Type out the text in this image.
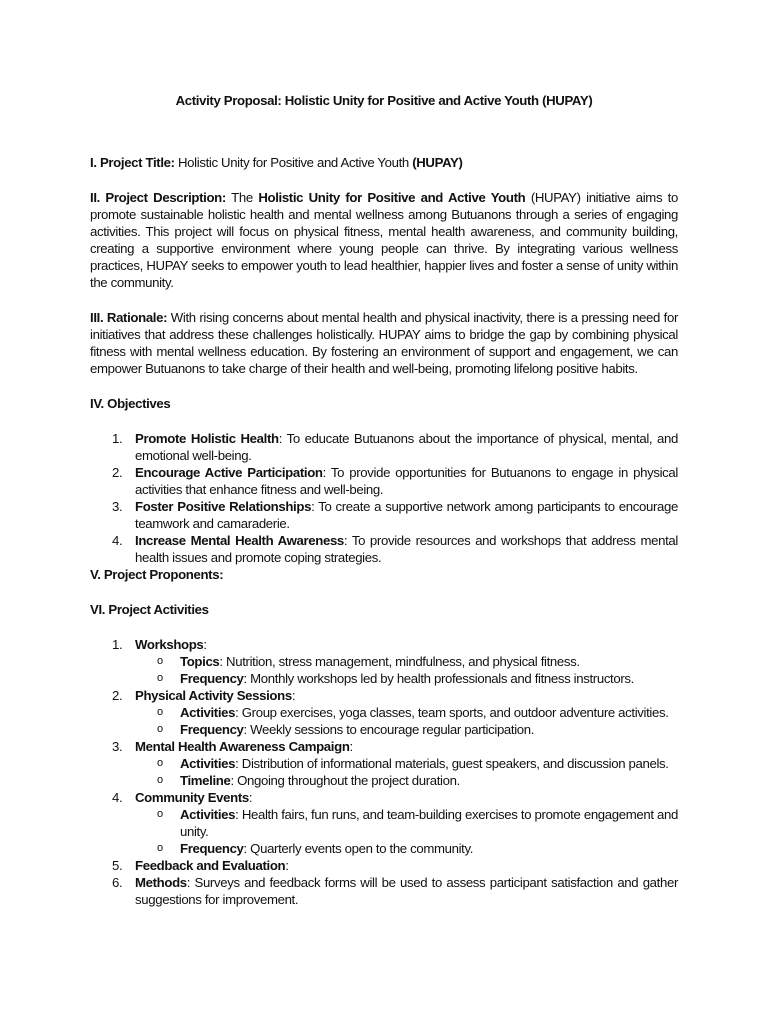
Activity Proposal: Holistic Unity for Positive and Active Youth (HUPAY)

I. Project Title: Holistic Unity for Positive and Active Youth (HUPAY)

II. Project Description: The Holistic Unity for Positive and Active Youth (HUPAY) initiative aims to promote sustainable holistic health and mental wellness among Butuanons through a series of engaging activities. This project will focus on physical fitness, mental health awareness, and community building, creating a supportive environment where young people can thrive. By integrating various wellness practices, HUPAY seeks to empower youth to lead healthier, happier lives and foster a sense of unity within the community.

III. Rationale: With rising concerns about mental health and physical inactivity, there is a pressing need for initiatives that address these challenges holistically. HUPAY aims to bridge the gap by combining physical fitness with mental wellness education. By fostering an environment of support and engagement, we can empower Butuanons to take charge of their health and well-being, promoting lifelong positive habits.

IV. Objectives

1. Promote Holistic Health: To educate Butuanons about the importance of physical, mental, and emotional well-being.
2. Encourage Active Participation: To provide opportunities for Butuanons to engage in physical activities that enhance fitness and well-being.
3. Foster Positive Relationships: To create a supportive network among participants to encourage teamwork and camaraderie.
4. Increase Mental Health Awareness: To provide resources and workshops that address mental health issues and promote coping strategies.

V. Project Proponents:

VI. Project Activities

1. Workshops:
o Topics: Nutrition, stress management, mindfulness, and physical fitness.
o Frequency: Monthly workshops led by health professionals and fitness instructors.
2. Physical Activity Sessions:
o Activities: Group exercises, yoga classes, team sports, and outdoor adventure activities.
o Frequency: Weekly sessions to encourage regular participation.
3. Mental Health Awareness Campaign:
o Activities: Distribution of informational materials, guest speakers, and discussion panels.
o Timeline: Ongoing throughout the project duration.
4. Community Events:
o Activities: Health fairs, fun runs, and team-building exercises to promote engagement and unity.
o Frequency: Quarterly events open to the community.
5. Feedback and Evaluation:
6. Methods: Surveys and feedback forms will be used to assess participant satisfaction and gather suggestions for improvement.
